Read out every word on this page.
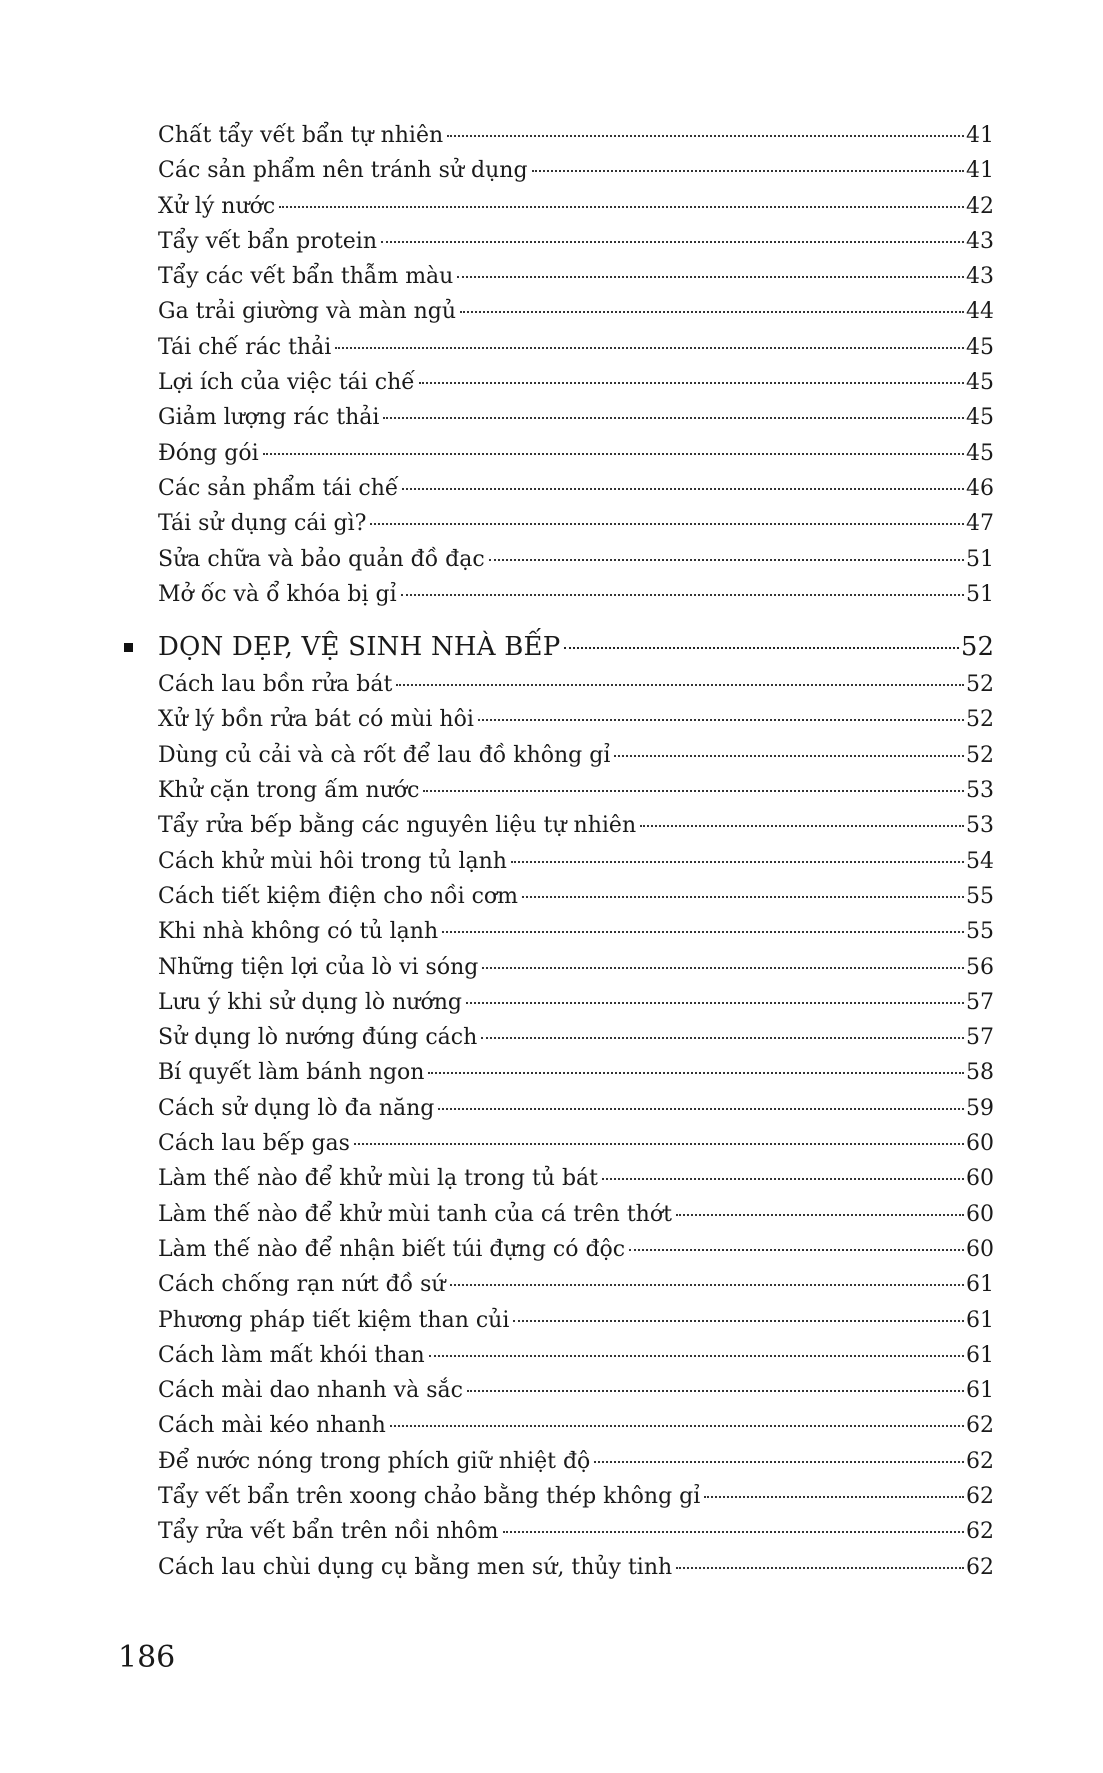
Chất tẩy vết bẩn tự nhiên	41
Các sản phẩm nên tránh sử dụng	41
Xử lý nước	42
Tẩy vết bẩn protein	43
Tẩy các vết bẩn thẫm màu	43
Ga trải giường và màn ngủ	44
Tái chế rác thải	45
Lợi ích của việc tái chế	45
Giảm lượng rác thải	45
Đóng gói	45
Các sản phẩm tái chế	46
Tái sử dụng cái gì?	47
Sửa chữa và bảo quản đồ đạc	51
Mở ốc và ổ khóa bị gỉ	51
DỌN DẸP, VỆ SINH NHÀ BẾP	52
Cách lau bồn rửa bát	52
Xử lý bồn rửa bát có mùi hôi	52
Dùng củ cải và cà rốt để lau đồ không gỉ	52
Khử cặn trong ấm nước	53
Tẩy rửa bếp bằng các nguyên liệu tự nhiên	53
Cách khử mùi hôi trong tủ lạnh	54
Cách tiết kiệm điện cho nồi cơm	55
Khi nhà không có tủ lạnh	55
Những tiện lợi của lò vi sóng	56
Lưu ý khi sử dụng lò nướng	57
Sử dụng lò nướng đúng cách	57
Bí quyết làm bánh ngon	58
Cách sử dụng lò đa năng	59
Cách lau bếp gas	60
Làm thế nào để khử mùi lạ trong tủ bát	60
Làm thế nào để khử mùi tanh của cá trên thớt	60
Làm thế nào để nhận biết túi đựng có độc	60
Cách chống rạn nứt đồ sứ	61
Phương pháp tiết kiệm than củi	61
Cách làm mất khói than	61
Cách mài dao nhanh và sắc	61
Cách mài kéo nhanh	62
Để nước nóng trong phích giữ nhiệt độ	62
Tẩy vết bẩn trên xoong chảo bằng thép không gỉ	62
Tẩy rửa vết bẩn trên nồi nhôm	62
Cách lau chùi dụng cụ bằng men sứ, thủy tinh	62
186
